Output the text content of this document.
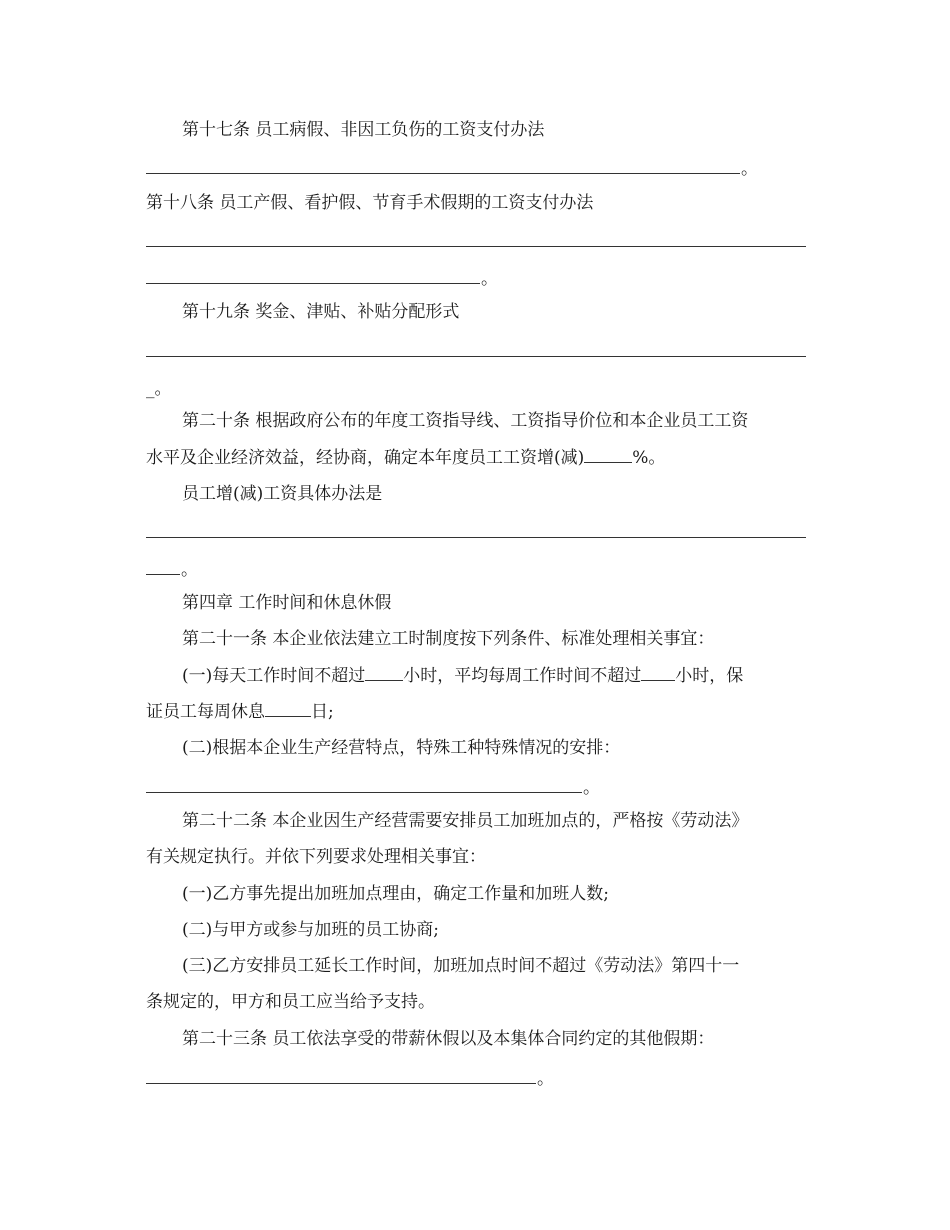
第十七条 员工病假、非因工负伤的工资支付办法
。
第十八条 员工产假、看护假、节育手术假期的工资支付办法
。
第十九条 奖金、津贴、补贴分配形式
_。
第二十条 根据政府公布的年度工资指导线、工资指导价位和本企业员工工资
水平及企业经济效益，经协商，确定本年度员工工资增(减)	%。
员工增(减)工资具体办法是
。
第四章 工作时间和休息休假
第二十一条 本企业依法建立工时制度按下列条件、标准处理相关事宜：
(一)每天工作时间不超过 小时，平均每周工作时间不超过 小时，保
证员工每周休息	日;
(二)根据本企业生产经营特点，特殊工种特殊情况的安排：
。
第二十二条 本企业因生产经营需要安排员工加班加点的，严格按《劳动法》
有关规定执行。并依下列要求处理相关事宜：
(一)乙方事先提出加班加点理由，确定工作量和加班人数;
(二)与甲方或参与加班的员工协商;
(三)乙方安排员工延长工作时间，加班加点时间不超过《劳动法》第四十一
条规定的，甲方和员工应当给予支持。
第二十三条 员工依法享受的带薪休假以及本集体合同约定的其他假期：
。
